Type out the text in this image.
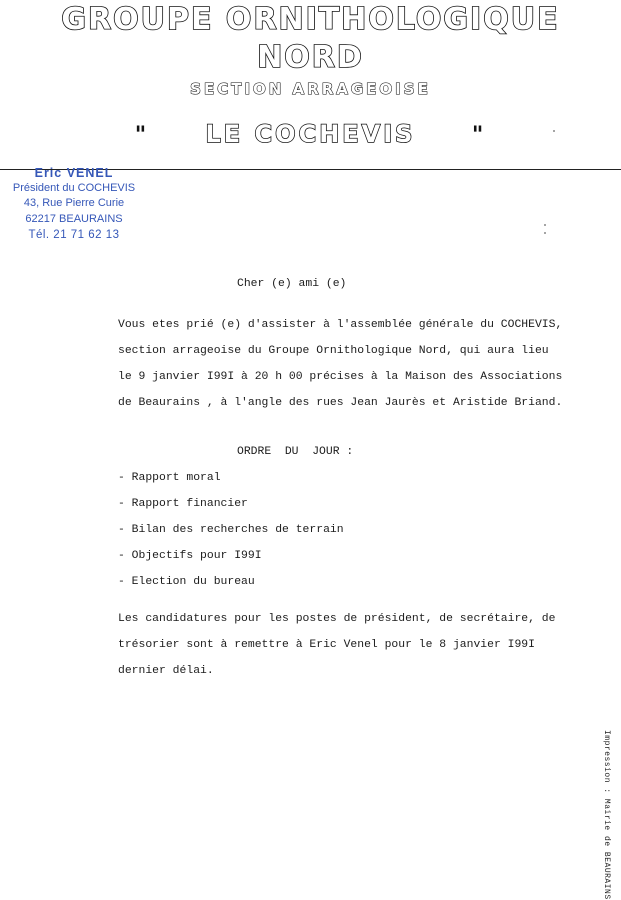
GROUPE ORNITHOLOGIQUE
NORD
SECTION ARRAGEOISE
" LE COCHEVIS	"
Eric VENEL
Président du COCHEVIS
43, Rue Pierre Curie
62217 BEAURAINS
Tél. 21 71 62 13
Cher (e) ami (e)
Vous etes prié (e) d'assister à l'assemblée générale du COCHEVIS,
section arrageoise du Groupe Ornithologique Nord, qui aura lieu
le 9 janvier I99I à 20 h 00 précises à la Maison des Associations
de Beaurains , à l'angle des rues Jean Jaurès et Aristide Briand.
ORDRE  DU  JOUR :
- Rapport moral
- Rapport financier
- Bilan des recherches de terrain
- Objectifs pour I99I
- Election du bureau
Les candidatures pour les postes de président, de secrétaire, de
trésorier sont à remettre à Eric Venel pour le 8 janvier I99I
dernier délai.
Impression : Mairie de BEAURAINS
